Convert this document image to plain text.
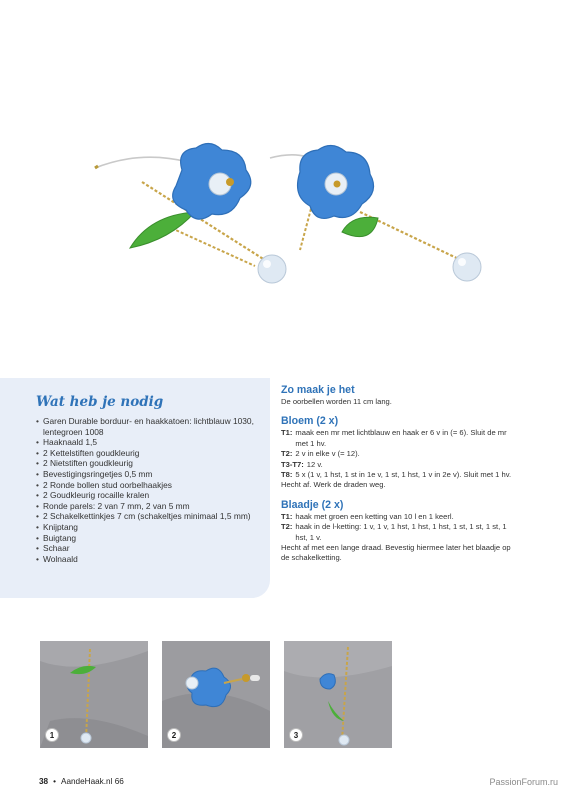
Wat heb je nodig
• Garen Durable borduur- en haakkatoen: lichtblauw 1030, lentegroen 1008
• Haaknaald 1,5
• 2 Kettelstiften goudkleurig
• 2 Nietstiften goudkleurig
• Bevestigingsringetjes 0,5 mm
• 2 Ronde bollen stud oorbelhaakjes
• 2 Goudkleurig rocaille kralen
• Ronde parels: 2 van 7 mm, 2 van 5 mm
• 2 Schakelkettinkjes 7 cm (schakeltjes minimaal 1,5 mm)
• Knijptang
• Buigtang
• Schaar
• Wolnaald
Zo maak je het
De oorbellen worden 11 cm lang.
Bloem (2 x)
T1: maak een mr met lichtblauw en haak er 6 v in (= 6). Sluit de mr met 1 hv.
T2: 2 v in elke v (= 12).
T3-T7: 12 v.
T8: 5 x (1 v, 1 hst, 1 st in 1e v, 1 st, 1 hst, 1 v in 2e v). Sluit met 1 hv.
Hecht af. Werk de draden weg.
Blaadje (2 x)
T1: haak met groen een ketting van 10 l en 1 keerl.
T2: haak in de l-ketting: 1 v, 1 v, 1 hst, 1 hst, 1 hst, 1 st, 1 st, 1 st, 1 hst, 1 v.
Hecht af met een lange draad. Bevestig hiermee later het blaadje op de schakelketting.
1	2	3
38 • AandeHaak.nl 66	PassionForum.ru
